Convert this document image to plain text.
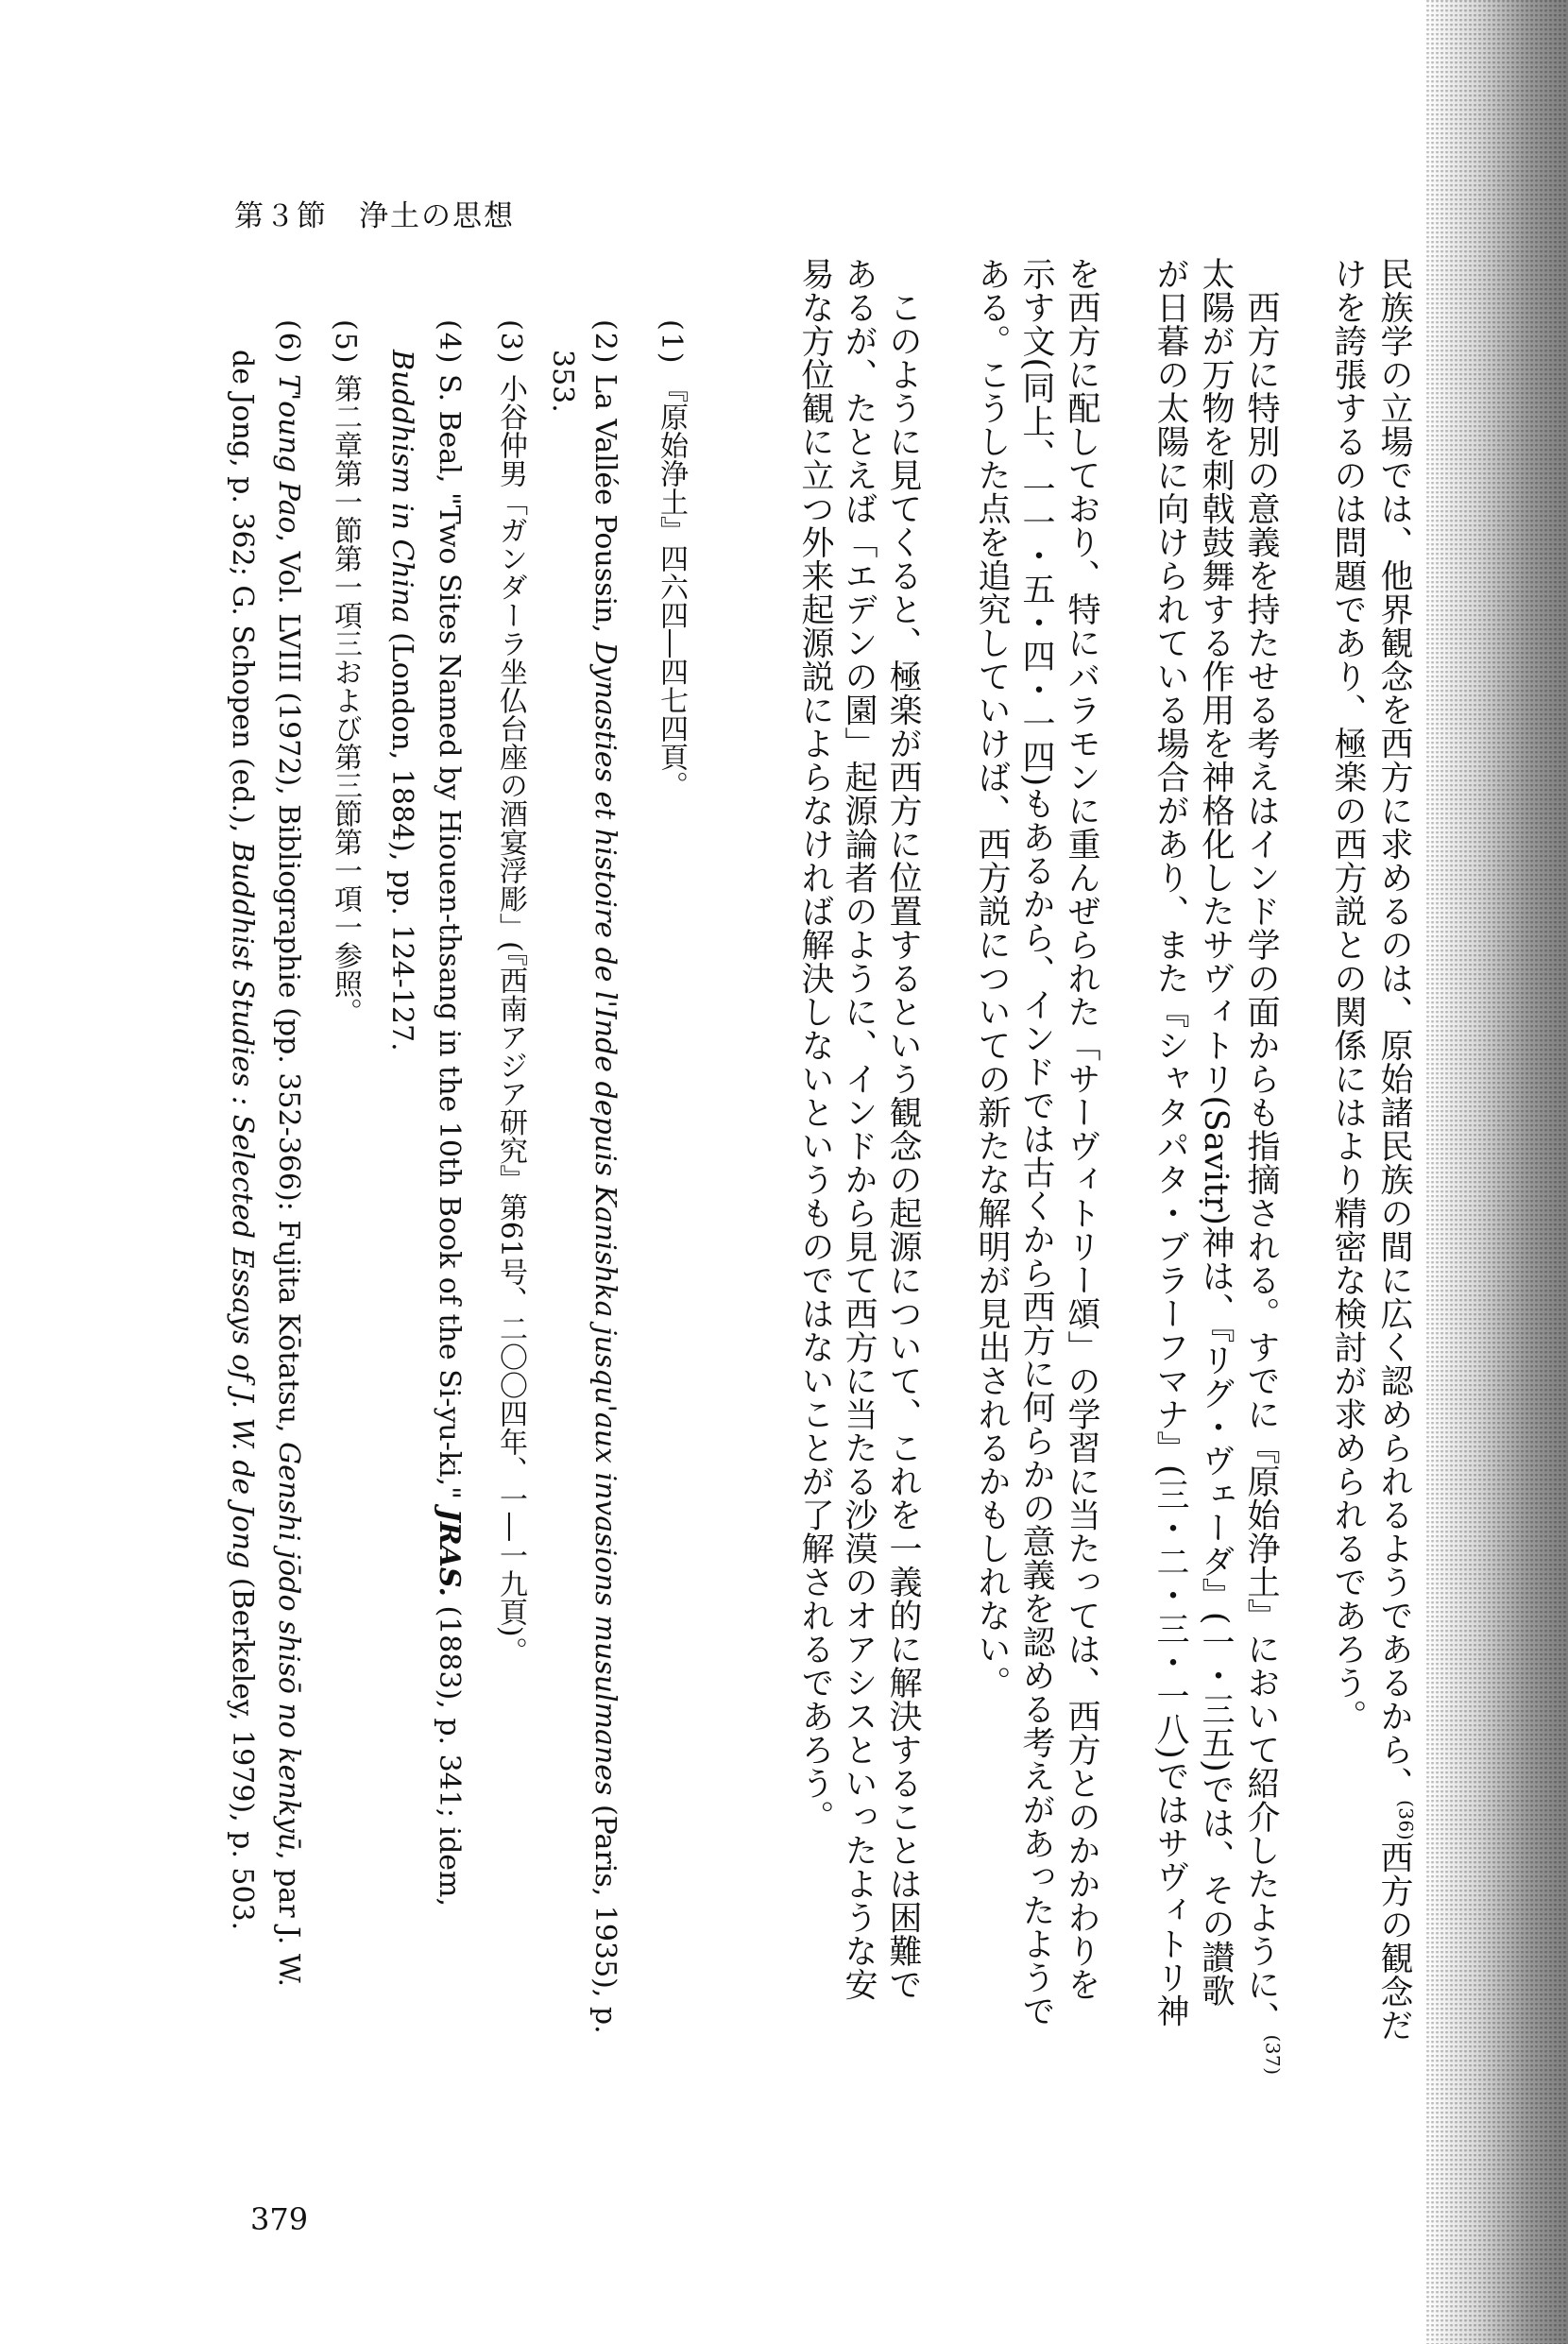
第３節　浄土の思想
民族学の立場では、他界観念を西方に求めるのは、原始諸民族の間に広く認められるようであるから、$^{(36)}$西方の観念だ
けを誇張するのは問題であり、極楽の西方説との関係にはより精密な検討が求められるであろう。
　西方に特別の意義を持たせる考えはインド学の面からも指摘される。すでに『原始浄土』において紹介したように、$^{(37)}$
太陽が万物を刺戟鼓舞する作用を神格化したサヴィトリ(Savitṛ)神は、『リグ・ヴェーダ』(一・三五)では、その讃歌
が日暮の太陽に向けられている場合があり、また『シャタパタ・ブラーフマナ』(三・二・三・一八)ではサヴィトリ神
を西方に配しており、特にバラモンに重んぜられた「サーヴィトリー頌」の学習に当たっては、西方とのかかわりを
示す文(同上、一一・五・四・一四)もあるから、インドでは古くから西方に何らかの意義を認める考えがあったようで
ある。こうした点を追究していけば、西方説についての新たな解明が見出されるかもしれない。
　このように見てくると、極楽が西方に位置するという観念の起源について、これを一義的に解決することは困難で
あるが、たとえば「エデンの園」起源論者のように、インドから見て西方に当たる沙漠のオアシスといったような安
易な方位観に立つ外来起源説によらなければ解決しないというものではないことが了解されるであろう。
(1) 『原始浄土』四六四―四七四頁。
(2) La Vallée Poussin, Dynasties et histoire de l'Inde depuis Kanishka jusqu'aux invasions musulmanes (Paris, 1935), p.
353.
(3) 小谷仲男「ガンダーラ坐仏台座の酒宴浮彫」(『西南アジア研究』第61号、二〇〇四年、一―一九頁)。
(4) S. Beal, "Two Sites Named by Hiouen-thsang in the 10th Book of the Si-yu-ki," JRAS. (1883), p. 341; idem,
Buddhism in China (London, 1884), pp. 124-127.
(5) 第二章第一節第一項三および第三節第一項一参照。
(6) T'oung Pao, Vol. LVIII (1972), Bibliographie (pp. 352-366): Fujita Kōtatsu, Genshi jōdo shisō no kenkyū, par J. W.
de Jong, p. 362; G. Schopen (ed.), Buddhist Studies : Selected Essays of J. W. de Jong (Berkeley, 1979), p. 503.
379
